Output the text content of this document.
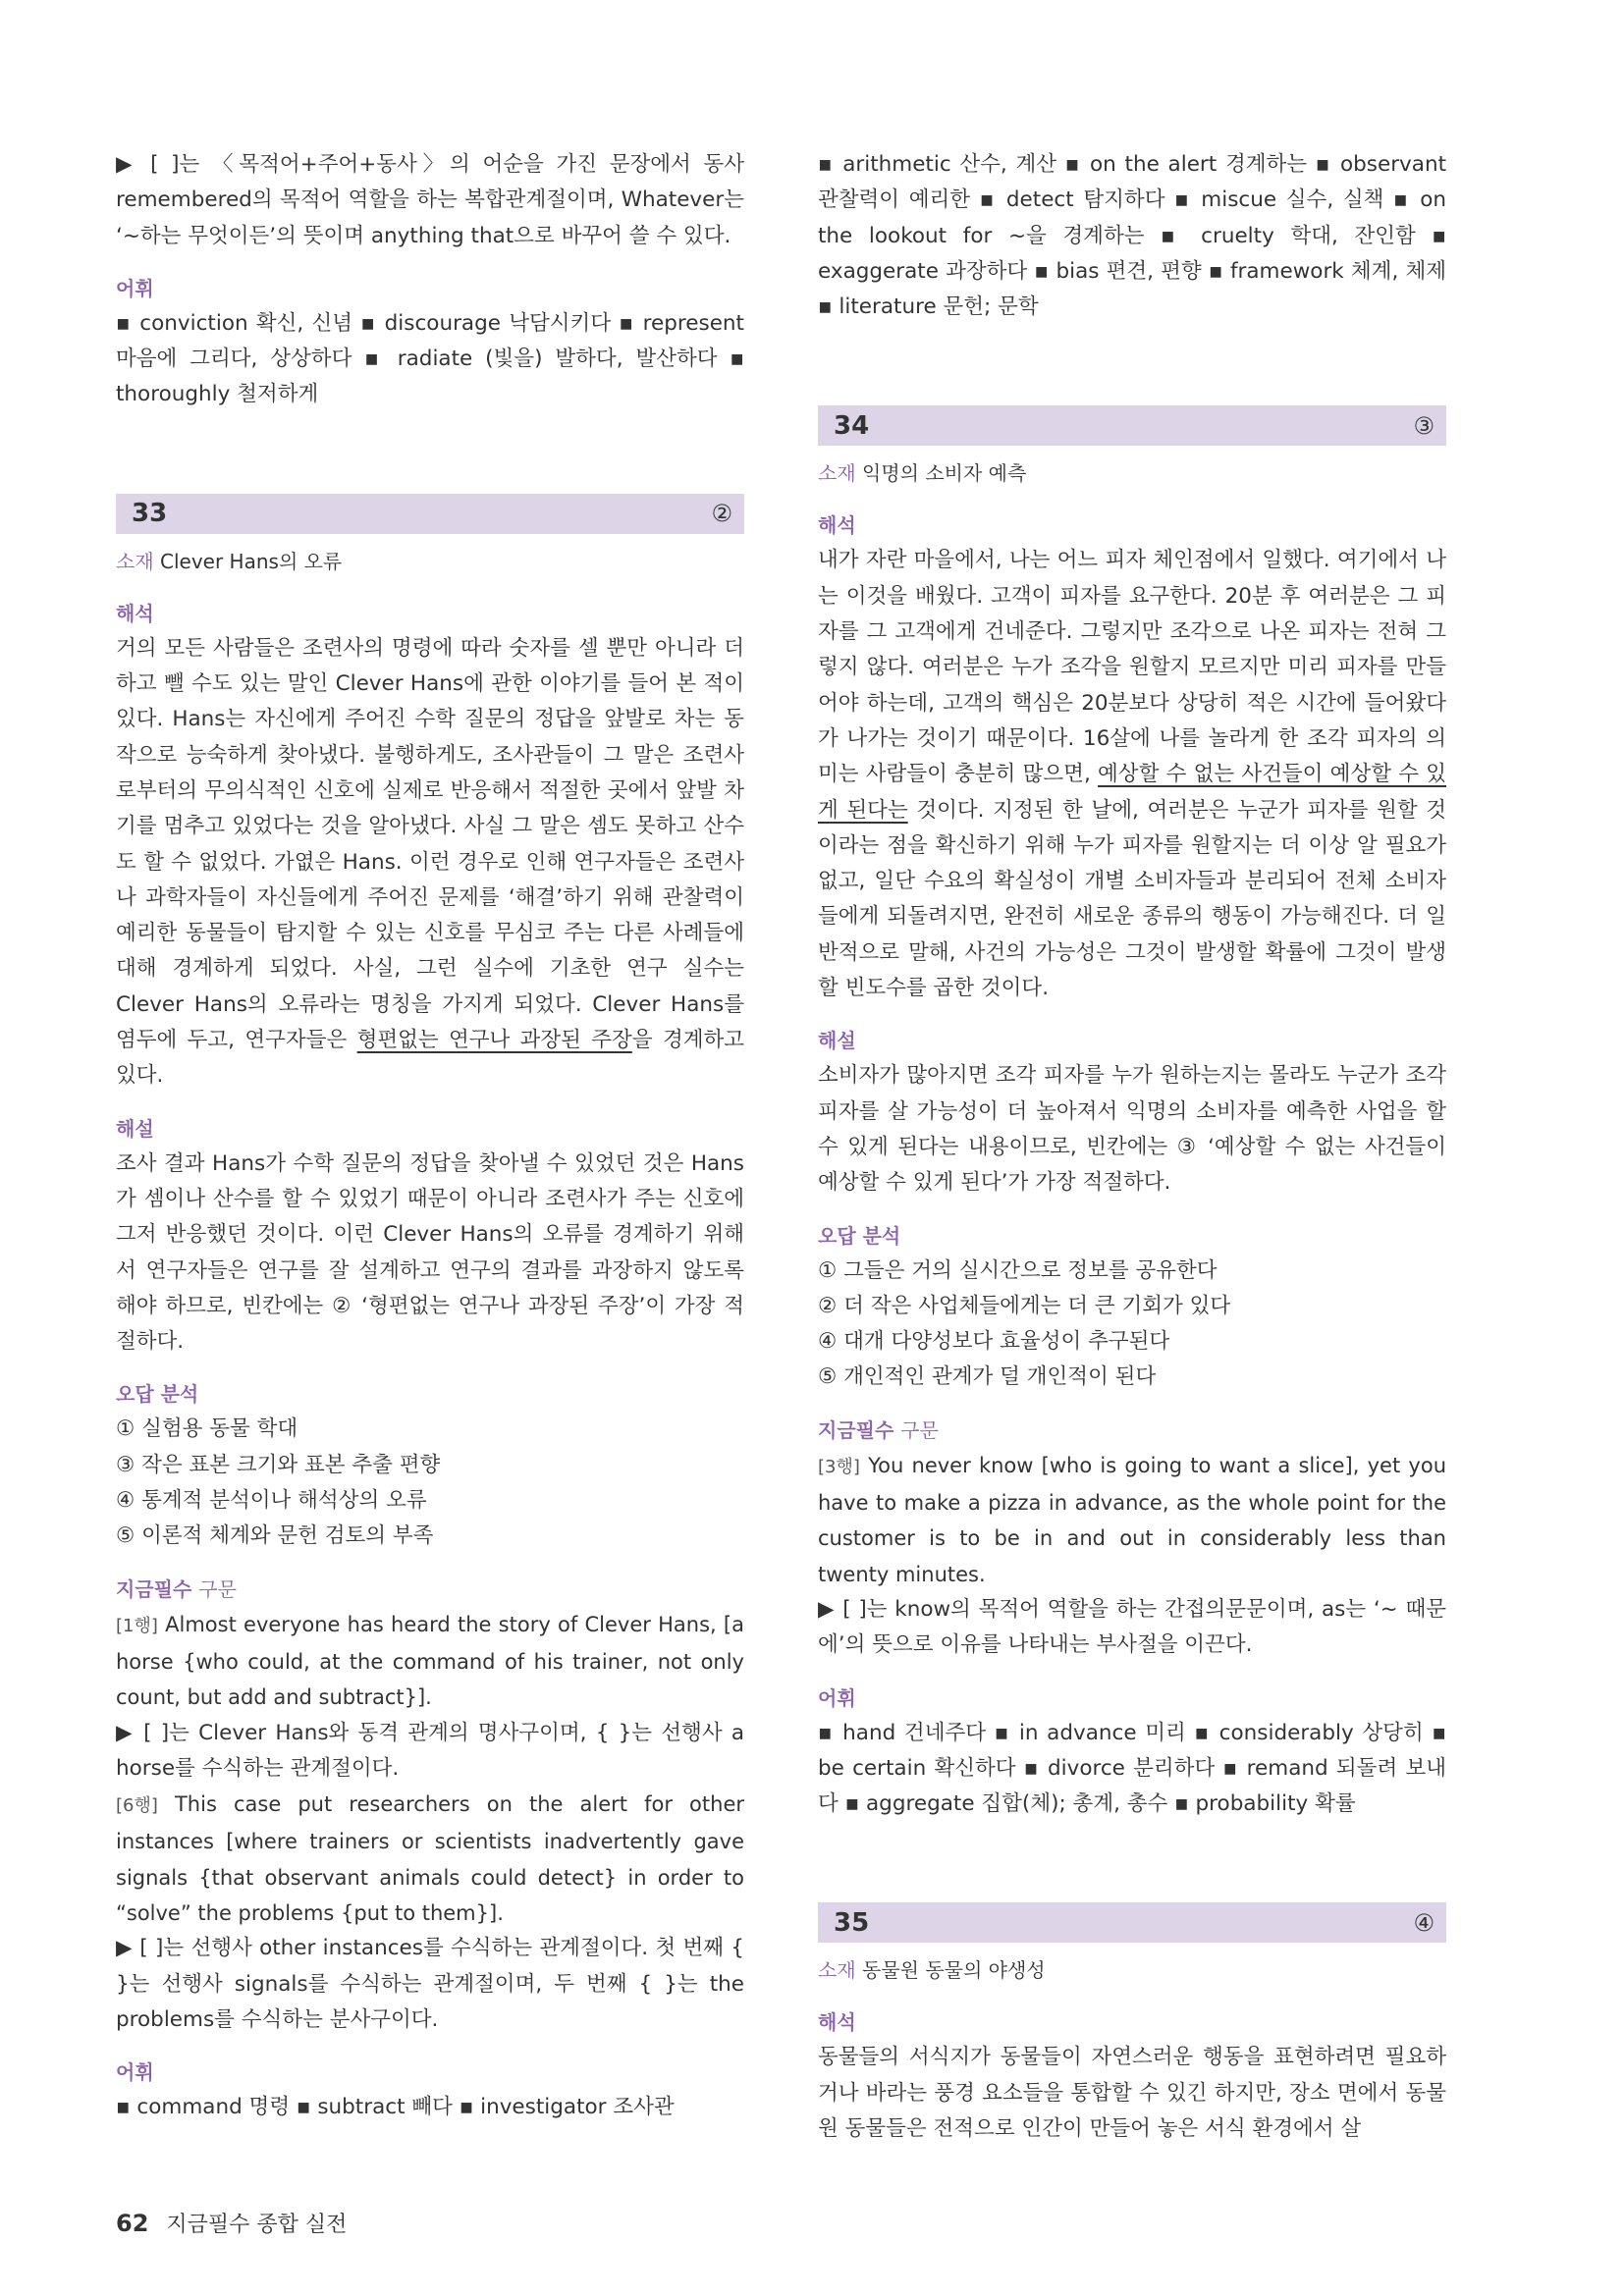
▶ [ ]는 〈목적어+주어+동사〉의 어순을 가진 문장에서 동사 remembered의 목적어 역할을 하는 복합관계절이며, Whatever는 ‘~하는 무엇이든’의 뜻이며 anything that으로 바꾸어 쓸 수 있다.

어휘

▪ conviction 확신, 신념 ▪ discourage 낙담시키다 ▪ represent 마음에 그리다, 상상하다 ▪ radiate (빛을) 발하다, 발산하다 ▪ thoroughly 철저하게

33	②
소재 Clever Hans의 오류
해석

거의 모든 사람들은 조련사의 명령에 따라 숫자를 셀 뿐만 아니라 더하고 뺄 수도 있는 말인 Clever Hans에 관한 이야기를 들어 본 적이 있다. Hans는 자신에게 주어진 수학 질문의 정답을 앞발로 차는 동작으로 능숙하게 찾아냈다. 불행하게도, 조사관들이 그 말은 조련사로부터의 무의식적인 신호에 실제로 반응해서 적절한 곳에서 앞발 차기를 멈추고 있었다는 것을 알아냈다. 사실 그 말은 셈도 못하고 산수도 할 수 없었다. 가엾은 Hans. 이런 경우로 인해 연구자들은 조련사나 과학자들이 자신들에게 주어진 문제를 ‘해결’하기 위해 관찰력이 예리한 동물들이 탐지할 수 있는 신호를 무심코 주는 다른 사례들에 대해 경계하게 되었다. 사실, 그런 실수에 기초한 연구 실수는 Clever Hans의 오류라는 명칭을 가지게 되었다. Clever Hans를 염두에 두고, 연구자들은 형편없는 연구나 과장된 주장을 경계하고 있다.

해설

조사 결과 Hans가 수학 질문의 정답을 찾아낼 수 있었던 것은 Hans가 셈이나 산수를 할 수 있었기 때문이 아니라 조련사가 주는 신호에 그저 반응했던 것이다. 이런 Clever Hans의 오류를 경계하기 위해서 연구자들은 연구를 잘 설계하고 연구의 결과를 과장하지 않도록 해야 하므로, 빈칸에는 ② ‘형편없는 연구나 과장된 주장’이 가장 적절하다.

오답 분석

① 실험용 동물 학대

③ 작은 표본 크기와 표본 추출 편향

④ 통계적 분석이나 해석상의 오류

⑤ 이론적 체계와 문헌 검토의 부족

지금필수 구문

[1행] Almost everyone has heard the story of Clever Hans, [a horse {who could, at the command of his trainer, not only count, but add and subtract}].

▶ [ ]는 Clever Hans와 동격 관계의 명사구이며, { }는 선행사 a horse를 수식하는 관계절이다.

[6행] This case put researchers on the alert for other instances [where trainers or scientists inadvertently gave signals {that observant animals could detect} in order to “solve” the problems {put to them}].

▶ [ ]는 선행사 other instances를 수식하는 관계절이다. 첫 번째 { }는 선행사 signals를 수식하는 관계절이며, 두 번째 { }는 the problems를 수식하는 분사구이다.

어휘

▪ command 명령 ▪ subtract 빼다 ▪ investigator 조사관

▪ arithmetic 산수, 계산 ▪ on the alert 경계하는 ▪ observant 관찰력이 예리한 ▪ detect 탐지하다 ▪ miscue 실수, 실책 ▪ on the lookout for ~을 경계하는 ▪ cruelty 학대, 잔인함 ▪ exaggerate 과장하다 ▪ bias 편견, 편향 ▪ framework 체계, 체제 ▪ literature 문헌; 문학

34	③
소재 익명의 소비자 예측
해석

내가 자란 마을에서, 나는 어느 피자 체인점에서 일했다. 여기에서 나는 이것을 배웠다. 고객이 피자를 요구한다. 20분 후 여러분은 그 피자를 그 고객에게 건네준다. 그렇지만 조각으로 나온 피자는 전혀 그렇지 않다. 여러분은 누가 조각을 원할지 모르지만 미리 피자를 만들어야 하는데, 고객의 핵심은 20분보다 상당히 적은 시간에 들어왔다가 나가는 것이기 때문이다. 16살에 나를 놀라게 한 조각 피자의 의미는 사람들이 충분히 많으면, 예상할 수 없는 사건들이 예상할 수 있게 된다는 것이다. 지정된 한 날에, 여러분은 누군가 피자를 원할 것이라는 점을 확신하기 위해 누가 피자를 원할지는 더 이상 알 필요가 없고, 일단 수요의 확실성이 개별 소비자들과 분리되어 전체 소비자들에게 되돌려지면, 완전히 새로운 종류의 행동이 가능해진다. 더 일반적으로 말해, 사건의 가능성은 그것이 발생할 확률에 그것이 발생할 빈도수를 곱한 것이다.

해설

소비자가 많아지면 조각 피자를 누가 원하는지는 몰라도 누군가 조각 피자를 살 가능성이 더 높아져서 익명의 소비자를 예측한 사업을 할 수 있게 된다는 내용이므로, 빈칸에는 ③ ‘예상할 수 없는 사건들이 예상할 수 있게 된다’가 가장 적절하다.

오답 분석

① 그들은 거의 실시간으로 정보를 공유한다

② 더 작은 사업체들에게는 더 큰 기회가 있다

④ 대개 다양성보다 효율성이 추구된다

⑤ 개인적인 관계가 덜 개인적이 된다

지금필수 구문

[3행] You never know [who is going to want a slice], yet you have to make a pizza in advance, as the whole point for the customer is to be in and out in considerably less than twenty minutes.

▶ [ ]는 know의 목적어 역할을 하는 간접의문문이며, as는 ‘~ 때문에’의 뜻으로 이유를 나타내는 부사절을 이끈다.

어휘

▪ hand 건네주다 ▪ in advance 미리 ▪ considerably 상당히 ▪ be certain 확신하다 ▪ divorce 분리하다 ▪ remand 되돌려 보내다 ▪ aggregate 집합(체); 총계, 총수 ▪ probability 확률

35	④
소재 동물원 동물의 야생성
해석

동물들의 서식지가 동물들이 자연스러운 행동을 표현하려면 필요하거나 바라는 풍경 요소들을 통합할 수 있긴 하지만, 장소 면에서 동물원 동물들은 전적으로 인간이 만들어 놓은 서식 환경에서 살

62 지금필수 종합 실전
